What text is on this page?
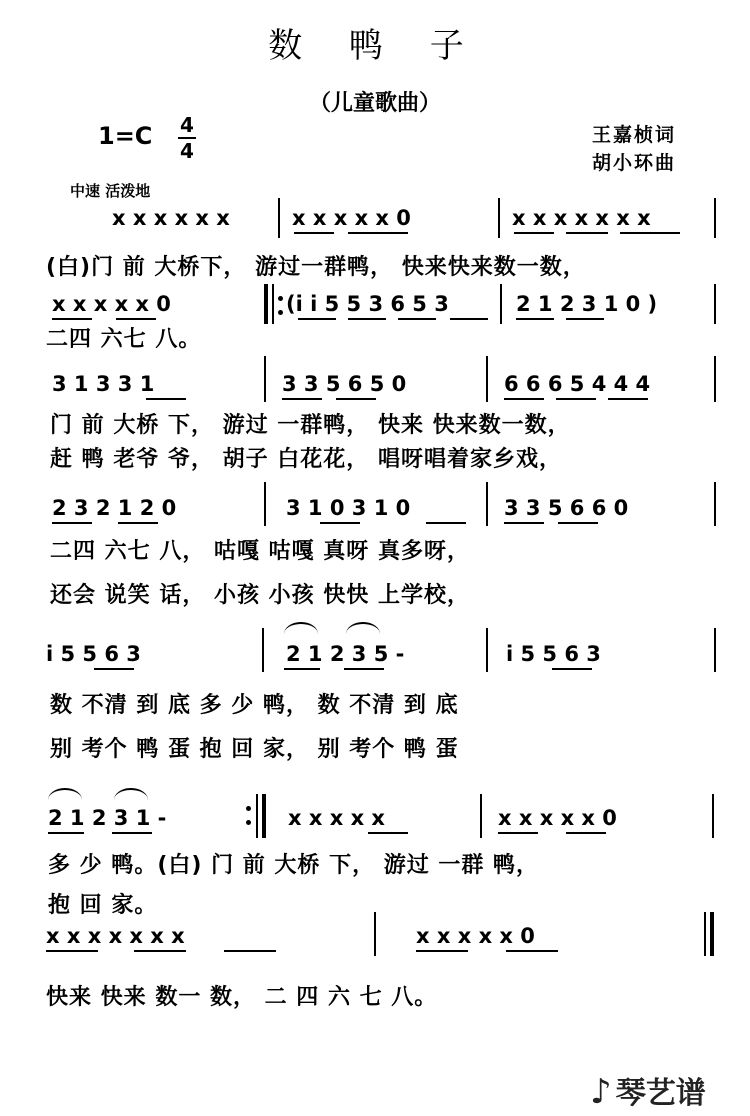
数 鸭 子
（儿童歌曲）
1=C 4
4
王嘉桢词
胡小环曲
中速 活泼地
x x x x x x	x x x x x 0	x x x x x x x
(白)门 前 大桥下， 游过一群鸭， 快来快来数一数，
x x x x x 0	(i i 5 5 3 6 5 3	2 1 2 3 1 0 )
二四 六七 八。
3 1 3 3 1	3 3 5 6 5 0	6 6 6 5 4 4 4
门 前 大桥 下， 游过 一群鸭， 快来 快来数一数，
赶 鸭 老爷 爷， 胡子 白花花， 唱呀唱着家乡戏，
2 3 2 1 2 0	3 1 0 3 1 0	3 3 5 6 6 0
二四 六七 八， 咕嘎 咕嘎 真呀 真多呀，
还会 说笑 话， 小孩 小孩 快快 上学校，
i 5 5 6 3	2 1 2 3 5 -	i 5 5 6 3
数 不清 到 底 多 少 鸭， 数 不清 到 底
别 考个 鸭 蛋 抱 回 家， 别 考个 鸭 蛋
2 1 2 3 1 -	x x x x x	x x x x x 0
多 少 鸭。(白) 门 前 大桥 下， 游过 一群 鸭，
抱 回 家。
x x x x x x x	x x x x x 0
快来 快来 数一 数， 二 四 六 七 八。
♪ 琴艺谱
